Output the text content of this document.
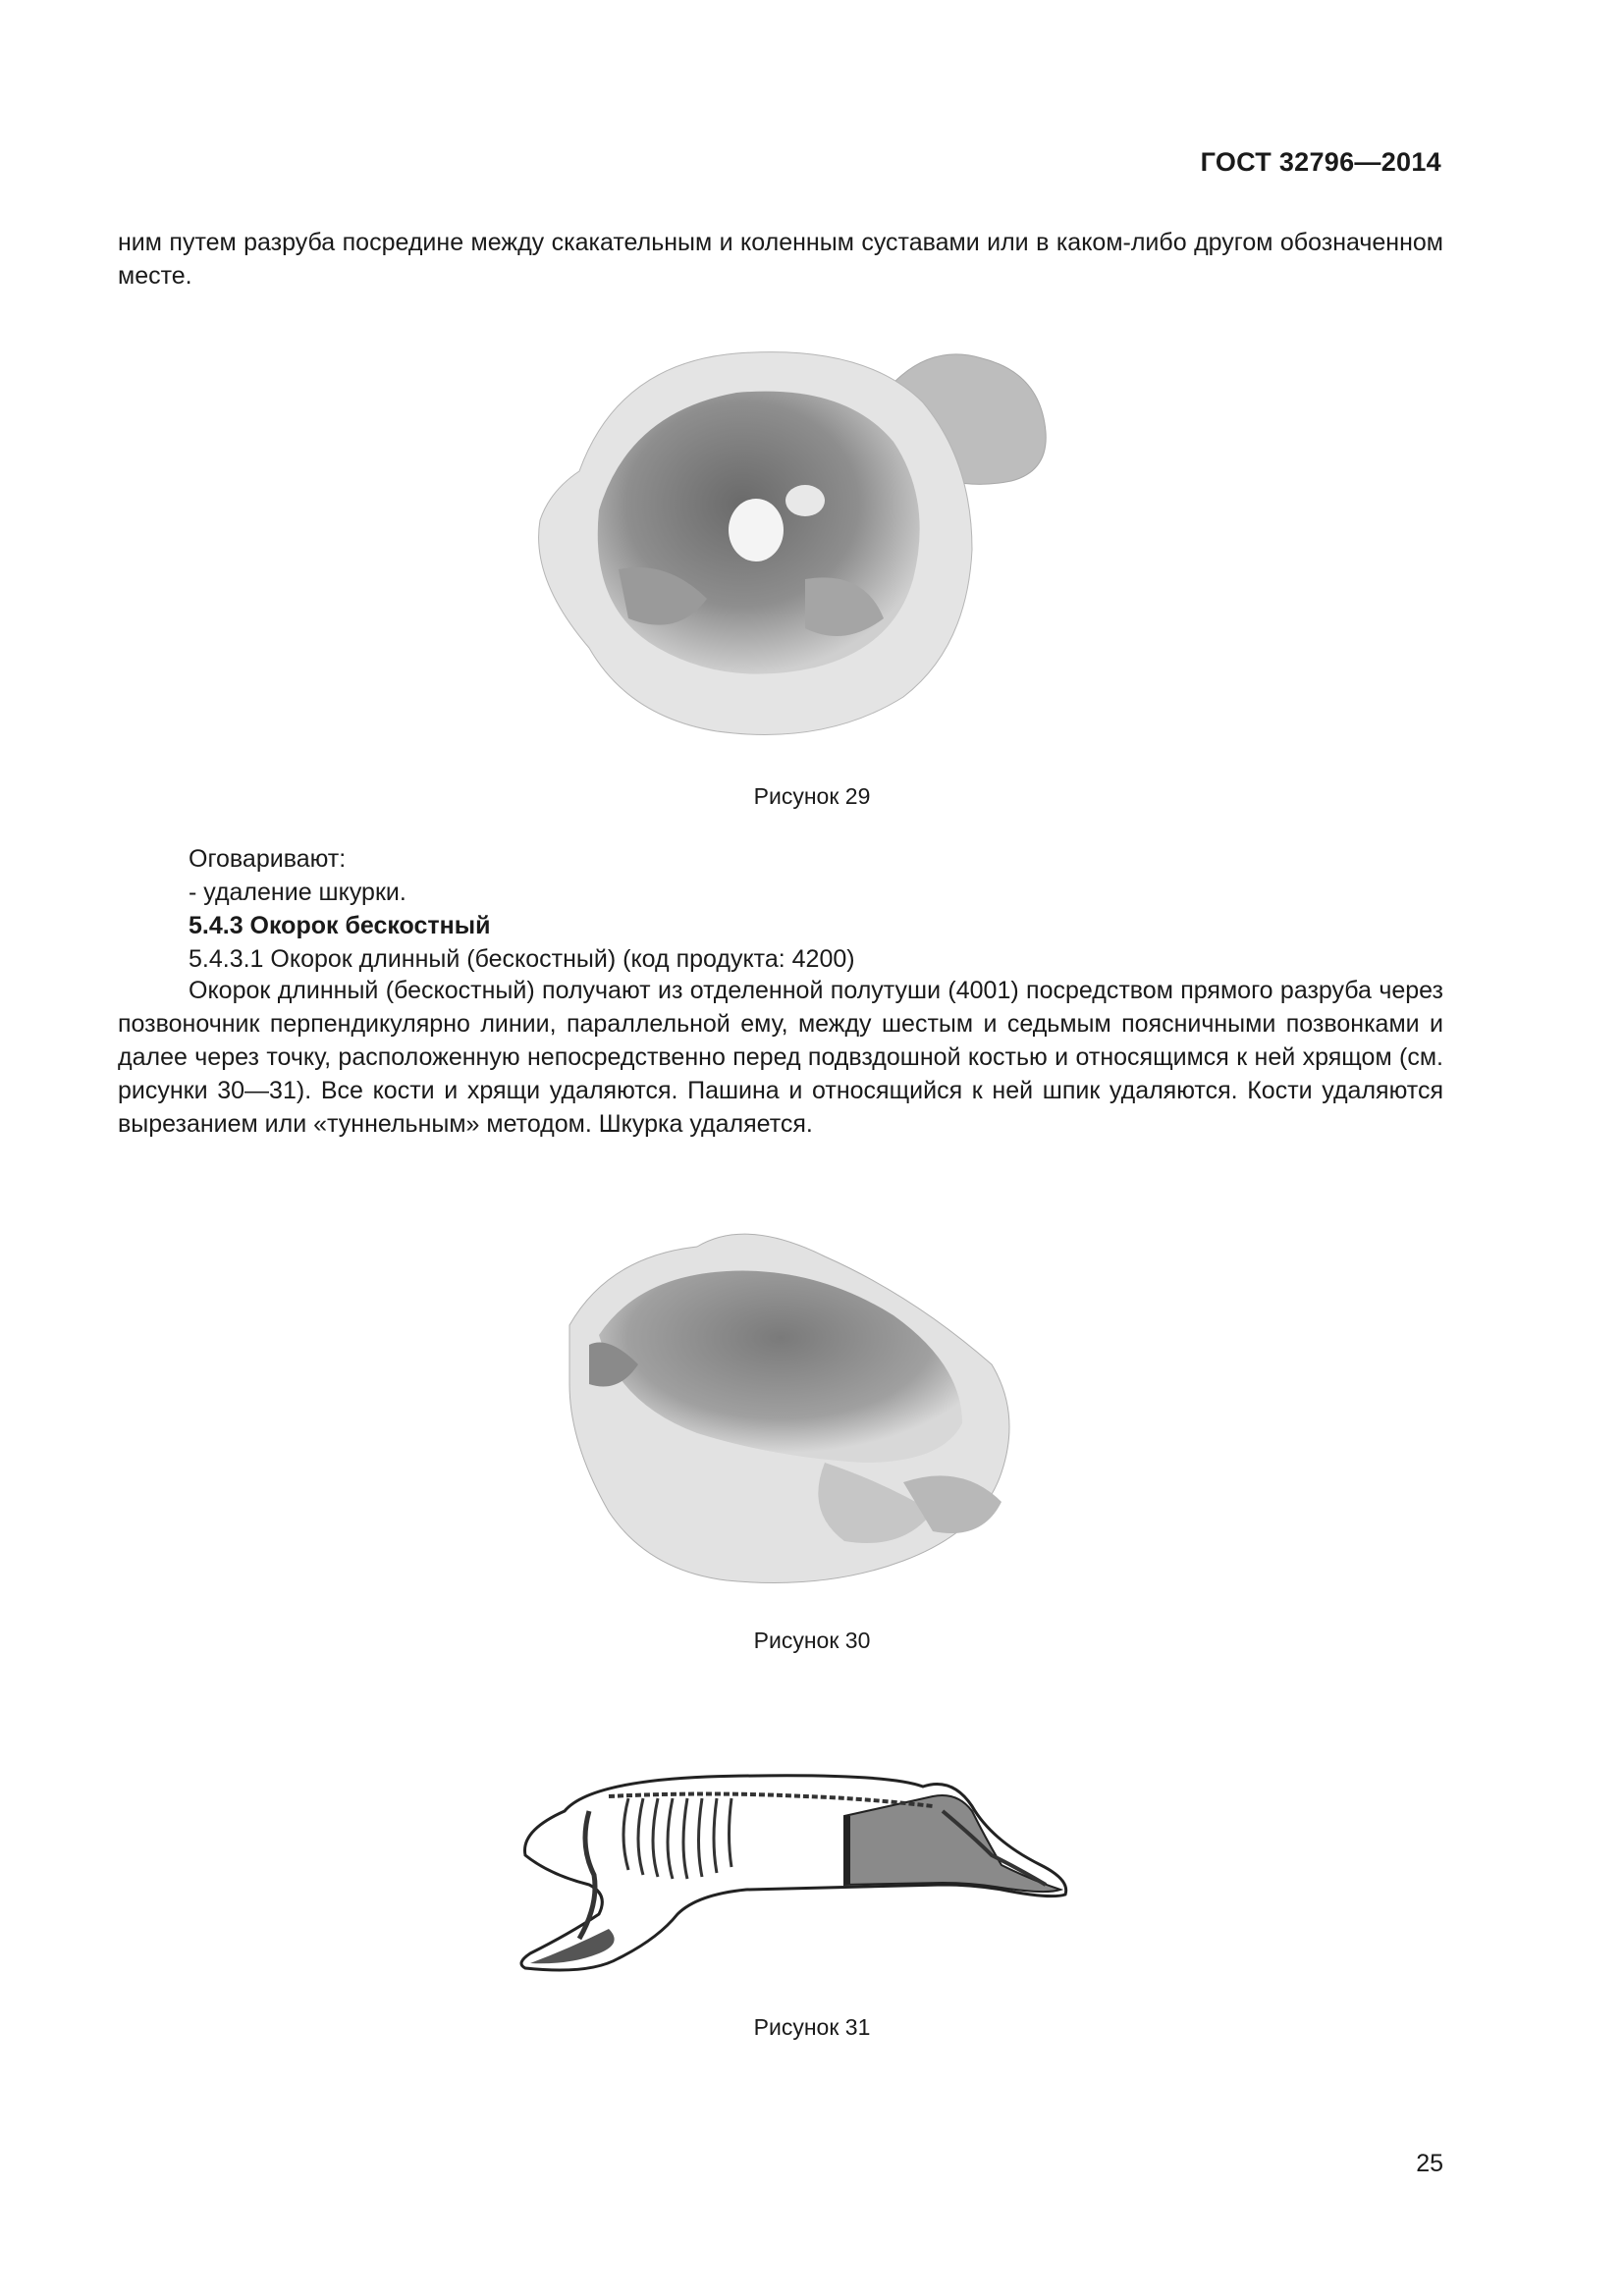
ГОСТ 32796—2014

ним путем разруба посредине между скакательным и коленным суставами или в каком-либо другом обозначенном месте.

Рисунок 29

Оговаривают:

- удаление шкурки.

5.4.3 Окорок бескостный

5.4.3.1 Окорок длинный (бескостный) (код продукта: 4200)

Окорок длинный (бескостный) получают из отделенной полутуши (4001) посредством прямого разруба через позвоночник перпендикулярно линии, параллельной ему, между шестым и седьмым поясничными позвонками и далее через точку, расположенную непосредственно перед подвздошной костью и относящимся к ней хрящом (см. рисунки 30—31). Все кости и хрящи удаляются. Пашина и относящийся к ней шпик удаляются. Кости удаляются вырезанием или «туннельным» методом. Шкурка удаляется.

Рисунок 30

Рисунок 31

25
